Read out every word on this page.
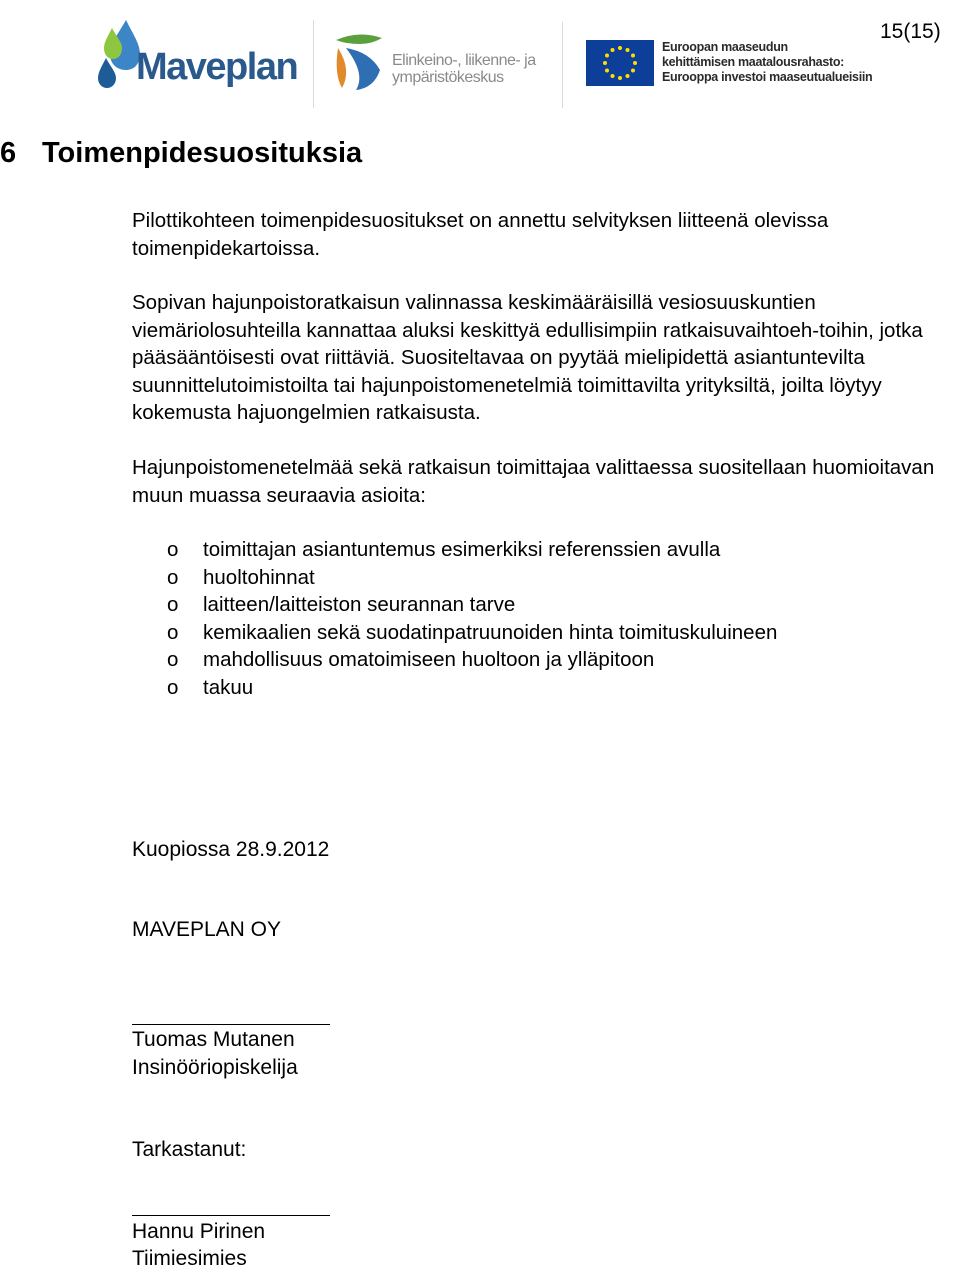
15(15)
Maveplan	Elinkeino-, liikenne- ja
ympäristökeskus
Euroopan maaseudun
kehittämisen maatalousrahasto:
Eurooppa investoi maaseutualueisiin
6 Toimenpidesuosituksia

Pilottikohteen toimenpidesuositukset on annettu selvityksen liitteenä olevissa toimenpidekartoissa.

Sopivan hajunpoistoratkaisun valinnassa keskimääräisillä vesiosuuskuntien viemäriolosuhteilla kannattaa aluksi keskittyä edullisimpiin ratkaisuvaihtoeh-toihin, jotka pääsääntöisesti ovat riittäviä. Suositeltavaa on pyytää mielipidettä asiantuntevilta suunnittelutoimistoilta tai hajunpoistomenetelmiä toimittavilta yrityksiltä, joilta löytyy kokemusta hajuongelmien ratkaisusta.

Hajunpoistomenetelmää sekä ratkaisun toimittajaa valittaessa suositellaan huomioitavan muun muassa seuraavia asioita:

o toimittajan asiantuntemus esimerkiksi referenssien avulla
o huoltohinnat
o laitteen/laitteiston seurannan tarve
o kemikaalien sekä suodatinpatruunoiden hinta toimituskuluineen
o mahdollisuus omatoimiseen huoltoon ja ylläpitoon
o takuu
Kuopiossa 28.9.2012
MAVEPLAN OY
Tuomas Mutanen
Insinööriopiskelija
Tarkastanut:
Hannu Pirinen
Tiimiesimies
